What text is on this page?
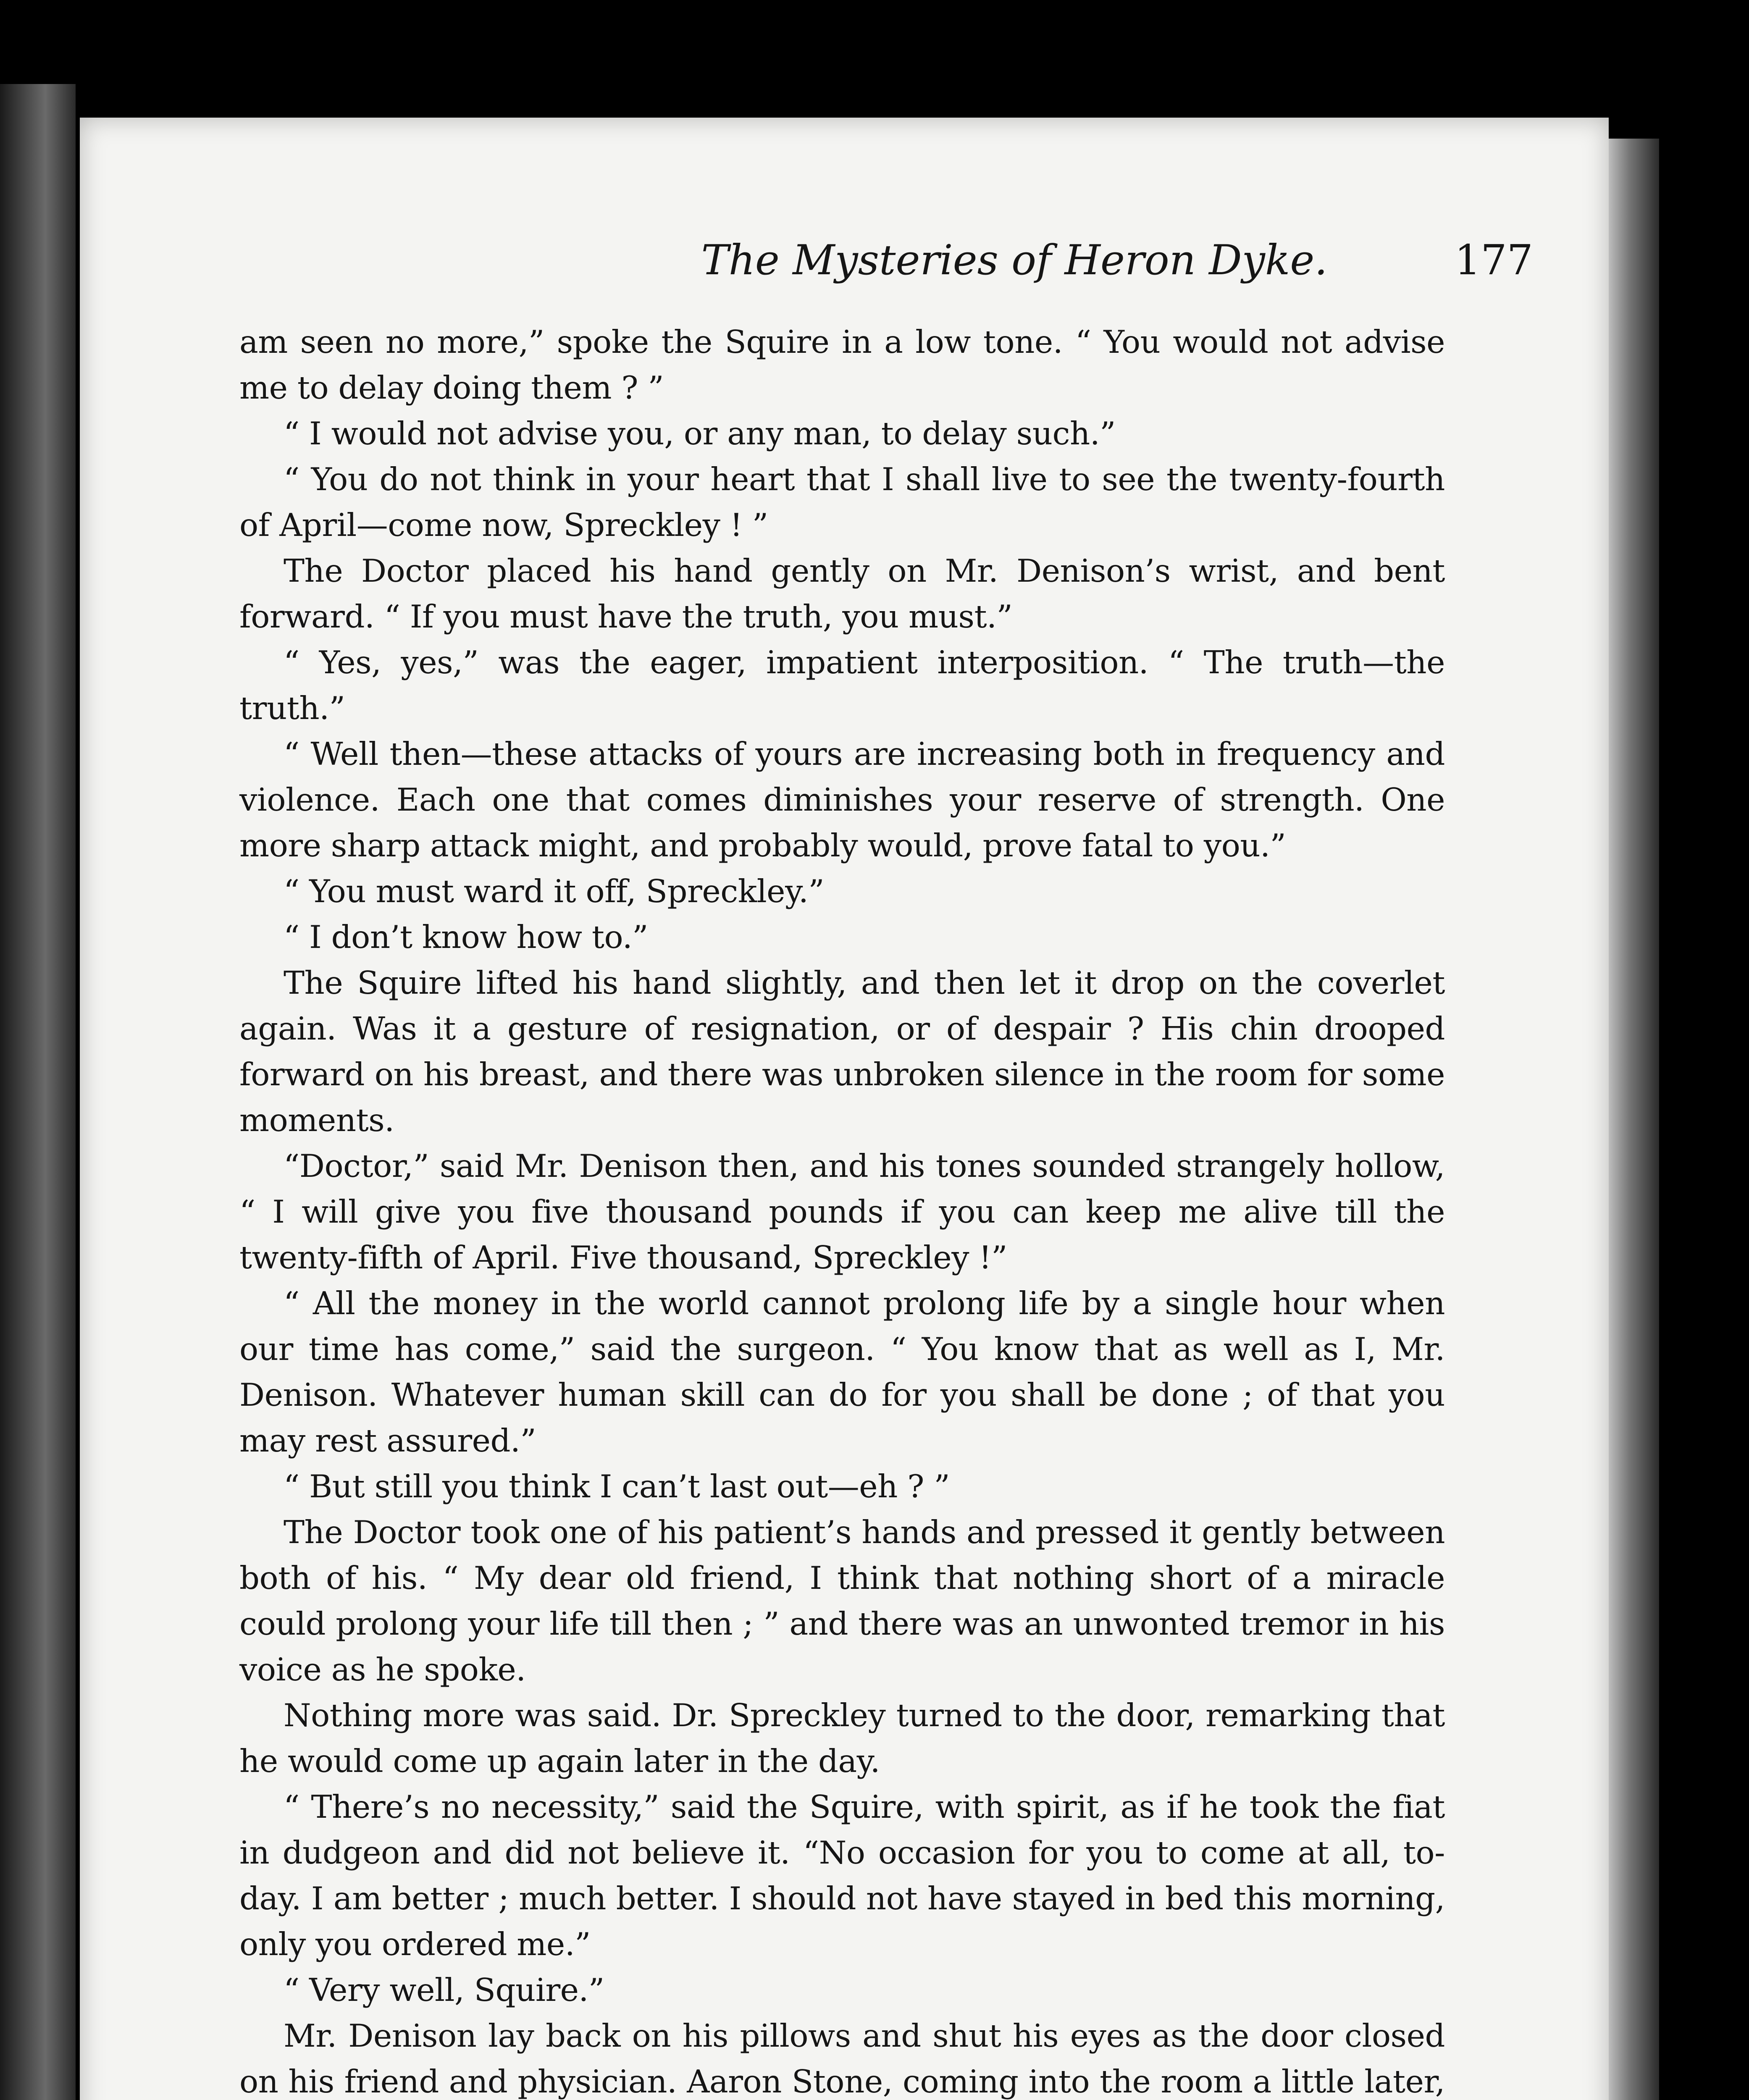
The Mysteries of Heron Dyke.	177

am seen no more,” spoke the Squire in a low tone. “ You would not advise me to delay doing them ? ”

“ I would not advise you, or any man, to delay such.”

“ You do not think in your heart that I shall live to see the twenty-fourth of April—come now, Spreckley ! ”

The Doctor placed his hand gently on Mr. Denison’s wrist, and bent forward. “ If you must have the truth, you must.”

“ Yes, yes,” was the eager, impatient interposition. “ The truth—the truth.”

“ Well then—these attacks of yours are increasing both in frequency and violence. Each one that comes diminishes your reserve of strength. One more sharp attack might, and probably would, prove fatal to you.”

“ You must ward it off, Spreckley.”

“ I don’t know how to.”

The Squire lifted his hand slightly, and then let it drop on the coverlet again. Was it a gesture of resignation, or of despair ? His chin drooped forward on his breast, and there was unbroken silence in the room for some moments.

“Doctor,” said Mr. Denison then, and his tones sounded strangely hollow, “ I will give you five thousand pounds if you can keep me alive till the twenty-fifth of April. Five thousand, Spreckley !”

“ All the money in the world cannot prolong life by a single hour when our time has come,” said the surgeon. “ You know that as well as I, Mr. Denison. Whatever human skill can do for you shall be done ; of that you may rest assured.”

“ But still you think I can’t last out—eh ? ”

The Doctor took one of his patient’s hands and pressed it gently between both of his. “ My dear old friend, I think that nothing short of a miracle could prolong your life till then ; ” and there was an unwonted tremor in his voice as he spoke.

Nothing more was said. Dr. Spreckley turned to the door, remarking that he would come up again later in the day.

“ There’s no necessity,” said the Squire, with spirit, as if he took the fiat in dudgeon and did not believe it. “No occasion for you to come at all, to-day. I am better ; much better. I should not have stayed in bed this morning, only you ordered me.”

“ Very well, Squire.”

Mr. Denison lay back on his pillows and shut his eyes as the door closed on his friend and physician. Aaron Stone, coming into the room a little later,
